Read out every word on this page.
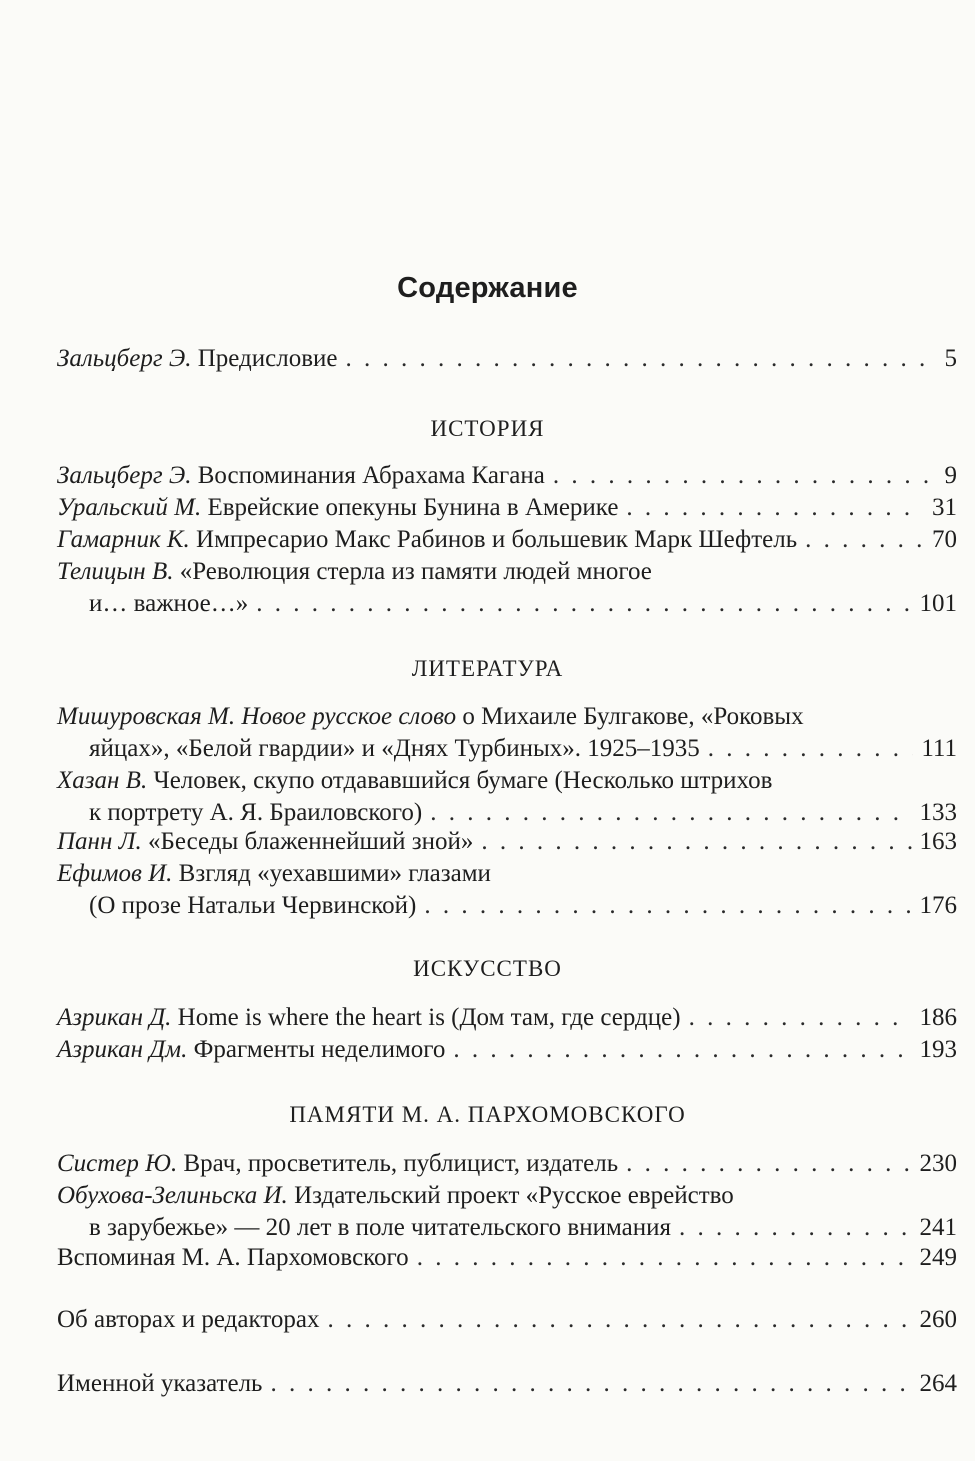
Содержание
Зальцберг Э. Предисловие . . .	5
ИСТОРИЯ
Зальцберг Э. Воспоминания Абрахама Кагана . . .	9
Уральский М. Еврейские опекуны Бунина в Америке . . .	31
Гамарник К. Импресарио Макс Рабинов и большевик Марк Шефтель . . .	70
Телицын В. «Революция стерла из памяти людей многое
и… важное…» . . .	101
ЛИТЕРАТУРА
Мишуровская М. Новое русское слово о Михаиле Булгакове, «Роковых
яйцах», «Белой гвардии» и «Днях Турбиных». 1925–1935 . . .	111
Хазан В. Человек, скупо отдававшийся бумаге (Несколько штрихов
к портрету А. Я. Браиловского) . . .	133
Панн Л. «Беседы блаженнейший зной» . . .	163
Ефимов И. Взгляд «уехавшими» глазами
(О прозе Натальи Червинской) . . .	176
ИСКУССТВО
Азрикан Д. Home is where the heart is (Дом там, где сердце) . . .	186
Азрикан Дм. Фрагменты неделимого . . .	193
ПАМЯТИ М. А. ПАРХОМОВСКОГО
Систер Ю. Врач, просветитель, публицист, издатель . . .	230
Обухова-Зелиньска И. Издательский проект «Русское еврейство
в зарубежье» — 20 лет в поле читательского внимания . . .	241
Вспоминая М. А. Пархомовского . . .	249
Об авторах и редакторах . . .	260
Именной указатель . . .	264
